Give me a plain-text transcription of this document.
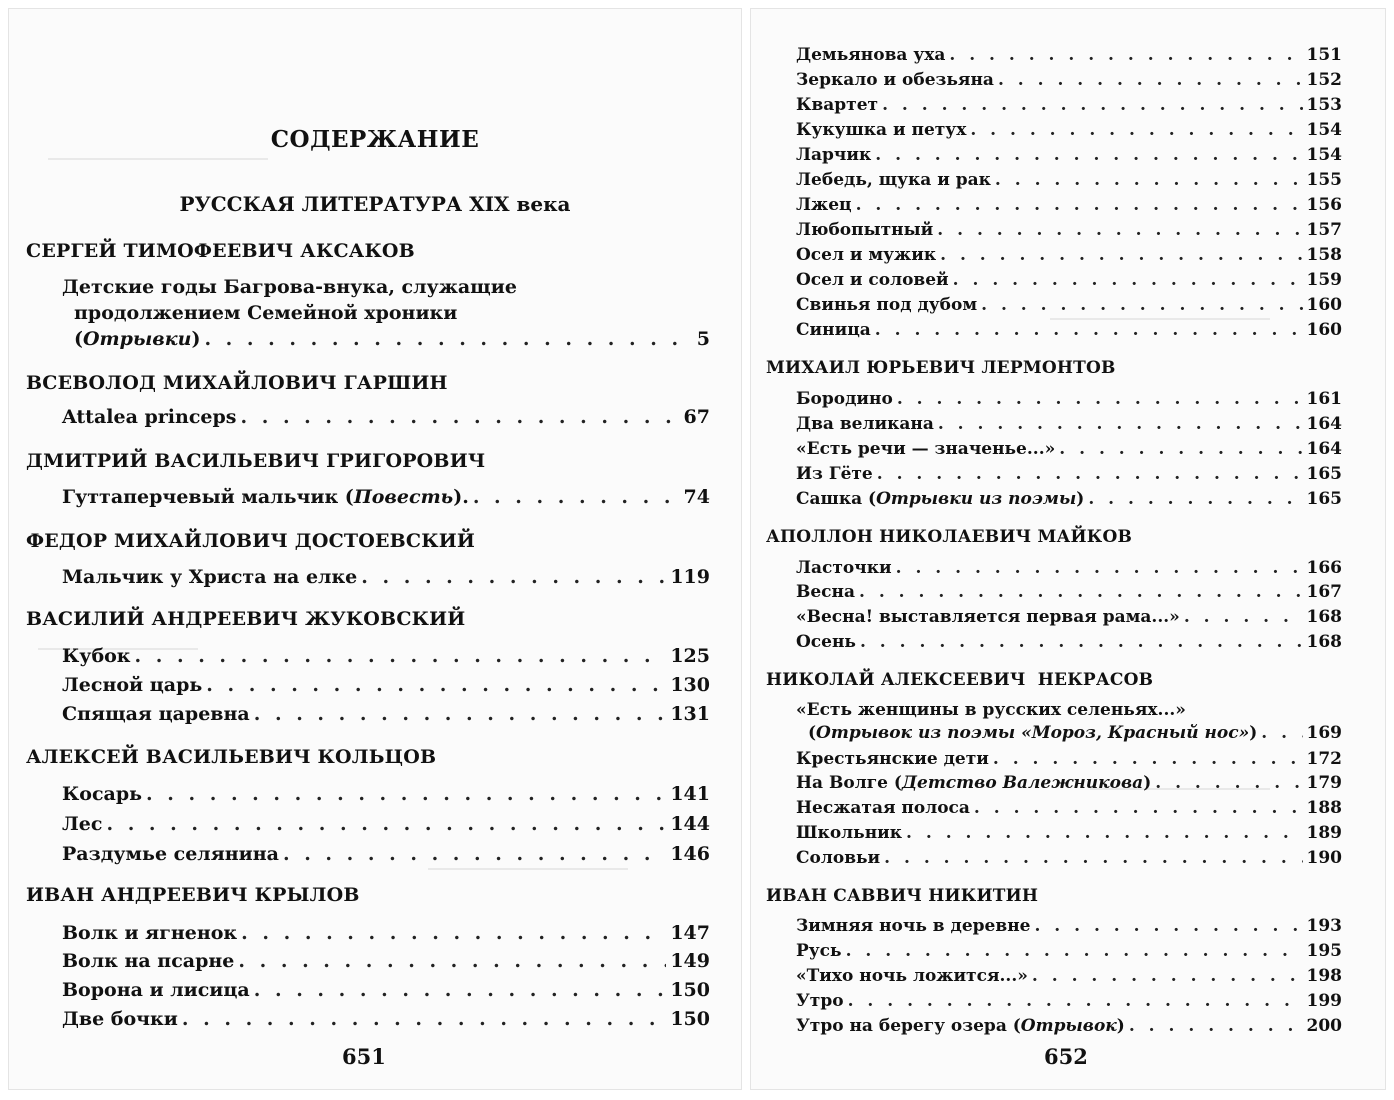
СОДЕРЖАНИЕ
РУССКАЯ ЛИТЕРАТУРА XIX века
СЕРГЕЙ ТИМОФЕЕВИЧ АКСАКОВ
Детские годы Багрова-внука, служащие
продолжением Семейной хроники
(Отрывки) . . .	5
ВСЕВОЛОД МИХАЙЛОВИЧ ГАРШИН
Attalea princeps . . .	67
ДМИТРИЙ ВАСИЛЬЕВИЧ ГРИГОРОВИЧ
Гуттаперчевый мальчик (Повесть). . . .	74
ФЕДОР МИХАЙЛОВИЧ ДОСТОЕВСКИЙ
Мальчик у Христа на елке . . .	119
ВАСИЛИЙ АНДРЕЕВИЧ ЖУКОВСКИЙ
Кубок . . .	125
Лесной царь . . .	130
Спящая царевна . . .	131
АЛЕКСЕЙ ВАСИЛЬЕВИЧ КОЛЬЦОВ
Косарь . . .	141
Лес . . .	144
Раздумье селянина . . .	146
ИВАН АНДРЕЕВИЧ КРЫЛОВ
Волк и ягненок . . .	147
Волк на псарне . . .	149
Ворона и лисица . . .	150
Две бочки . . .	150
651
Демьянова уха . . .	151
Зеркало и обезьяна . . .	152
Квартет . . .	153
Кукушка и петух . . .	154
Ларчик . . .	154
Лебедь, щука и рак . . .	155
Лжец . . .	156
Любопытный . . .	157
Осел и мужик . . .	158
Осел и соловей . . .	159
Свинья под дубом . . .	160
Синица . . .	160
МИХАИЛ ЮРЬЕВИЧ ЛЕРМОНТОВ
Бородино . . .	161
Два великана . . .	164
«Есть речи — значенье...» . . .	164
Из Гёте . . .	165
Сашка (Отрывки из поэмы) . . .	165
АПОЛЛОН НИКОЛАЕВИЧ МАЙКОВ
Ласточки . . .	166
Весна . . .	167
«Весна! выставляется первая рама...» . . .	168
Осень . . .	168
НИКОЛАЙ АЛЕКСЕЕВИЧ  НЕКРАСОВ
«Есть женщины в русских селеньях...»
(Отрывок из поэмы «Мороз, Красный нос») . . .	169
Крестьянские дети . . .	172
На Волге (Детство Валежникова) . . .	179
Несжатая полоса . . .	188
Школьник . . .	189
Соловьи . . .	190
ИВАН САВВИЧ НИКИТИН
Зимняя ночь в деревне . . .	193
Русь . . .	195
«Тихо ночь ложится...» . . .	198
Утро . . .	199
Утро на берегу озера (Отрывок) . . .	200
652
